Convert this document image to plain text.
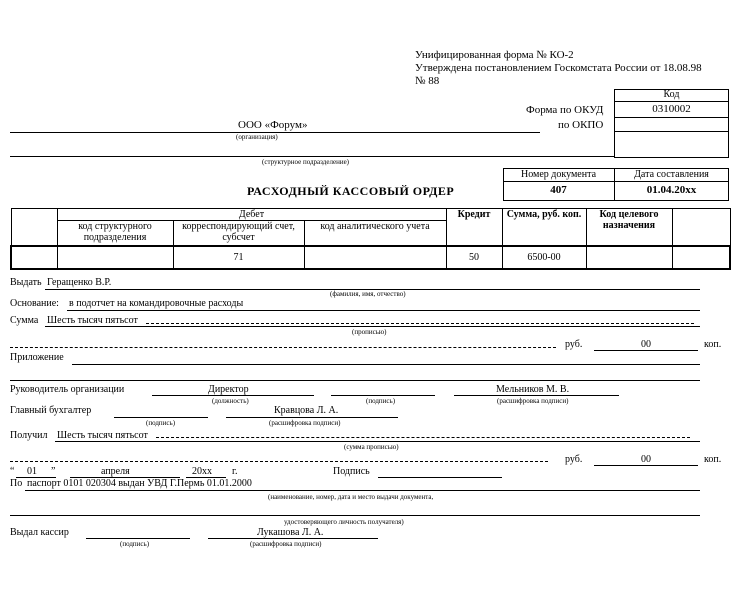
Унифицированная форма № КО-2
Утверждена постановлением Госкомстата России от 18.08.98
№ 88
Код
0310002
Форма по ОКУД
по ОКПО
ООО «Форум»
(организация)
(структурное подразделение)
Номер документа	Дата составления
407	01.04.20хх
РАСХОДНЫЙ КАССОВЫЙ ОРДЕР
	Дебет			Кредит	Сумма, руб. коп.	Код целевого назначения	
	код структурного подразделения	корреспондирующий счет, субсчет	код аналитического учета				
		71		50	6500-00		
Выдать Геращенко В.Р.
(фамилия, имя, отчество)
Основание: в подотчет на командировочные расходы
Сумма Шесть тысяч пятьсот
(прописью)
руб.	00	коп.
Приложение
Руководитель организации	Директор
(должность)	(подпись)
Мельников М. В.
(расшифровка подписи)
Главный бухгалтер
(подпись)
Кравцова Л. А.
(расшифровка подписи)
Получил Шесть тысяч пятьсот
(сумма прописью)
руб.	00	коп.
“ 01 ”	апреля	20хх г.	Подпись
По паспорт 0101 020304 выдан УВД Г.Пермь 01.01.2000
(наименование, номер, дата и место выдачи документа,
удостоверяющего личность получателя)
Выдал кассир
(подпись)
Лукашова Л. А.
(расшифровка подписи)
